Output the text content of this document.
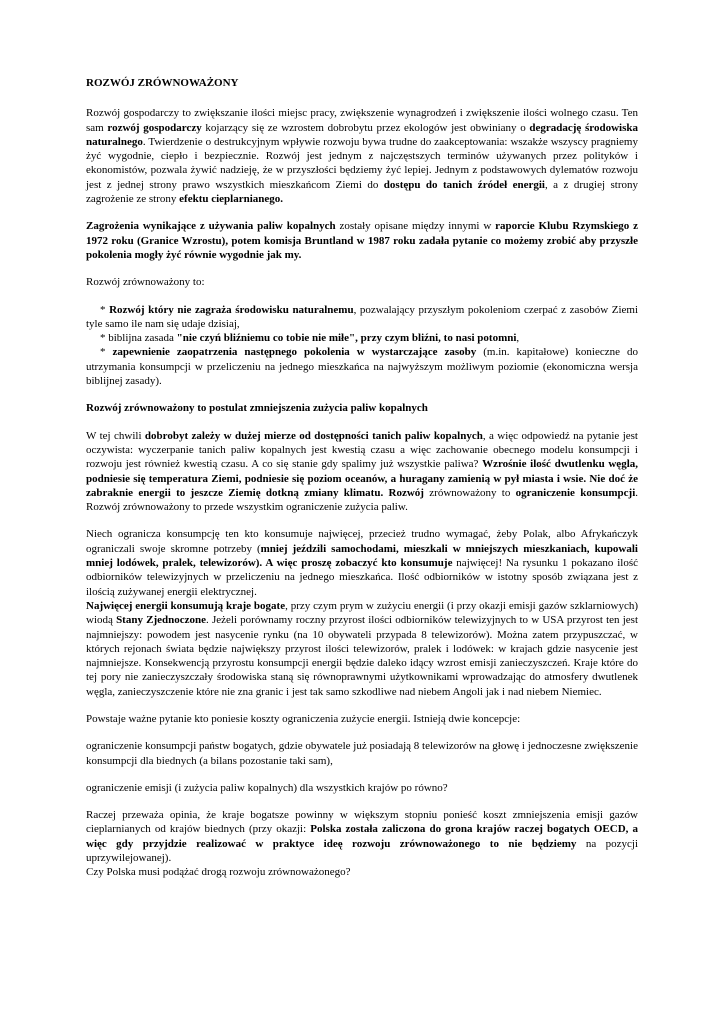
ROZWÓJ ZRÓWNOWAŻONY

Rozwój gospodarczy to zwiększanie ilości miejsc pracy, zwiększenie wynagrodzeń i zwiększenie ilości wolnego czasu. Ten sam rozwój gospodarczy kojarzący się ze wzrostem dobrobytu przez ekologów jest obwiniany o degradację środowiska naturalnego. Twierdzenie o destrukcyjnym wpływie rozwoju bywa trudne do zaakceptowania: wszakże wszyscy pragniemy żyć wygodnie, ciepło i bezpiecznie. Rozwój jest jednym z najczęstszych terminów używanych przez polityków i ekonomistów, pozwala żywić nadzieję, że w przyszłości będziemy żyć lepiej. Jednym z podstawowych dylematów rozwoju jest z jednej strony prawo wszystkich mieszkańcom Ziemi do dostępu do tanich źródeł energii, a z drugiej strony zagrożenie ze strony efektu cieplarnianego.

Zagrożenia wynikające z używania paliw kopalnych zostały opisane między innymi w raporcie Klubu Rzymskiego z 1972 roku (Granice Wzrostu), potem komisja Bruntland w 1987 roku zadała pytanie co możemy zrobić aby przyszłe pokolenia mogły żyć równie wygodnie jak my.

Rozwój zrównoważony to:

* Rozwój który nie zagraża środowisku naturalnemu, pozwalający przyszłym pokoleniom czerpać z zasobów Ziemi tyle samo ile nam się udaje dzisiaj,

* biblijna zasada "nie czyń bliźniemu co tobie nie miłe", przy czym bliźni, to nasi potomni,

* zapewnienie zaopatrzenia następnego pokolenia w wystarczające zasoby (m.in. kapitałowe) konieczne do utrzymania konsumpcji w przeliczeniu na jednego mieszkańca na najwyższym możliwym poziomie (ekonomiczna wersja biblijnej zasady).

Rozwój zrównoważony to postulat zmniejszenia zużycia paliw kopalnych

W tej chwili dobrobyt zależy w dużej mierze od dostępności tanich paliw kopalnych, a więc odpowiedź na pytanie jest oczywista: wyczerpanie tanich paliw kopalnych jest kwestią czasu a więc zachowanie obecnego modelu konsumpcji i rozwoju jest również kwestią czasu. A co się stanie gdy spalimy już wszystkie paliwa? Wzrośnie ilość dwutlenku węgla, podniesie się temperatura Ziemi, podniesie się poziom oceanów, a huragany zamienią w pył miasta i wsie. Nie doć że zabraknie energii to jeszcze Ziemię dotkną zmiany klimatu. Rozwój zrównoważony to ograniczenie konsumpcji. Rozwój zrównoważony to przede wszystkim ograniczenie zużycia paliw.

Niech ogranicza konsumpcję ten kto konsumuje najwięcej, przecież trudno wymagać, żeby Polak, albo Afrykańczyk ograniczali swoje skromne potrzeby (mniej jeździli samochodami, mieszkali w mniejszych mieszkaniach, kupowali mniej lodówek, pralek, telewizorów). A więc proszę zobaczyć kto konsumuje najwięcej! Na rysunku 1 pokazano ilość odbiorników telewizyjnych w przeliczeniu na jednego mieszkańca. Ilość odbiorników w istotny sposób związana jest z ilością zużywanej energii elektrycznej.

Najwięcej energii konsumują kraje bogate, przy czym prym w zużyciu energii (i przy okazji emisji gazów szklarniowych) wiodą Stany Zjednoczone. Jeżeli porównamy roczny przyrost ilości odbiorników telewizyjnych to w USA przyrost ten jest najmniejszy: powodem jest nasycenie rynku (na 10 obywateli przypada 8 telewizorów). Można zatem przypuszczać, w których rejonach świata będzie największy przyrost ilości telewizorów, pralek i lodówek: w krajach gdzie nasycenie jest najmniejsze. Konsekwencją przyrostu konsumpcji energii będzie daleko idący wzrost emisji zanieczyszczeń. Kraje które do tej pory nie zanieczyszczały środowiska staną się równoprawnymi użytkownikami wprowadzając do atmosfery dwutlenek węgla, zanieczyszczenie które nie zna granic i jest tak samo szkodliwe nad niebem Angoli jak i nad niebem Niemiec.

Powstaje ważne pytanie kto poniesie koszty ograniczenia zużycie energii. Istnieją dwie koncepcje:

ograniczenie konsumpcji państw bogatych, gdzie obywatele już posiadają 8 telewizorów na głowę i jednoczesne zwiększenie konsumpcji dla biednych (a bilans pozostanie taki sam),

ograniczenie emisji (i zużycia paliw kopalnych) dla wszystkich krajów po równo?

Raczej przeważa opinia, że kraje bogatsze powinny w większym stopniu ponieść koszt zmniejszenia emisji gazów cieplarnianych od krajów biednych (przy okazji: Polska została zaliczona do grona krajów raczej bogatych OECD, a więc gdy przyjdzie realizować w praktyce ideę rozwoju zrównoważonego to nie będziemy na pozycji uprzywilejowanej).

Czy Polska musi podążać drogą rozwoju zrównoważonego?
